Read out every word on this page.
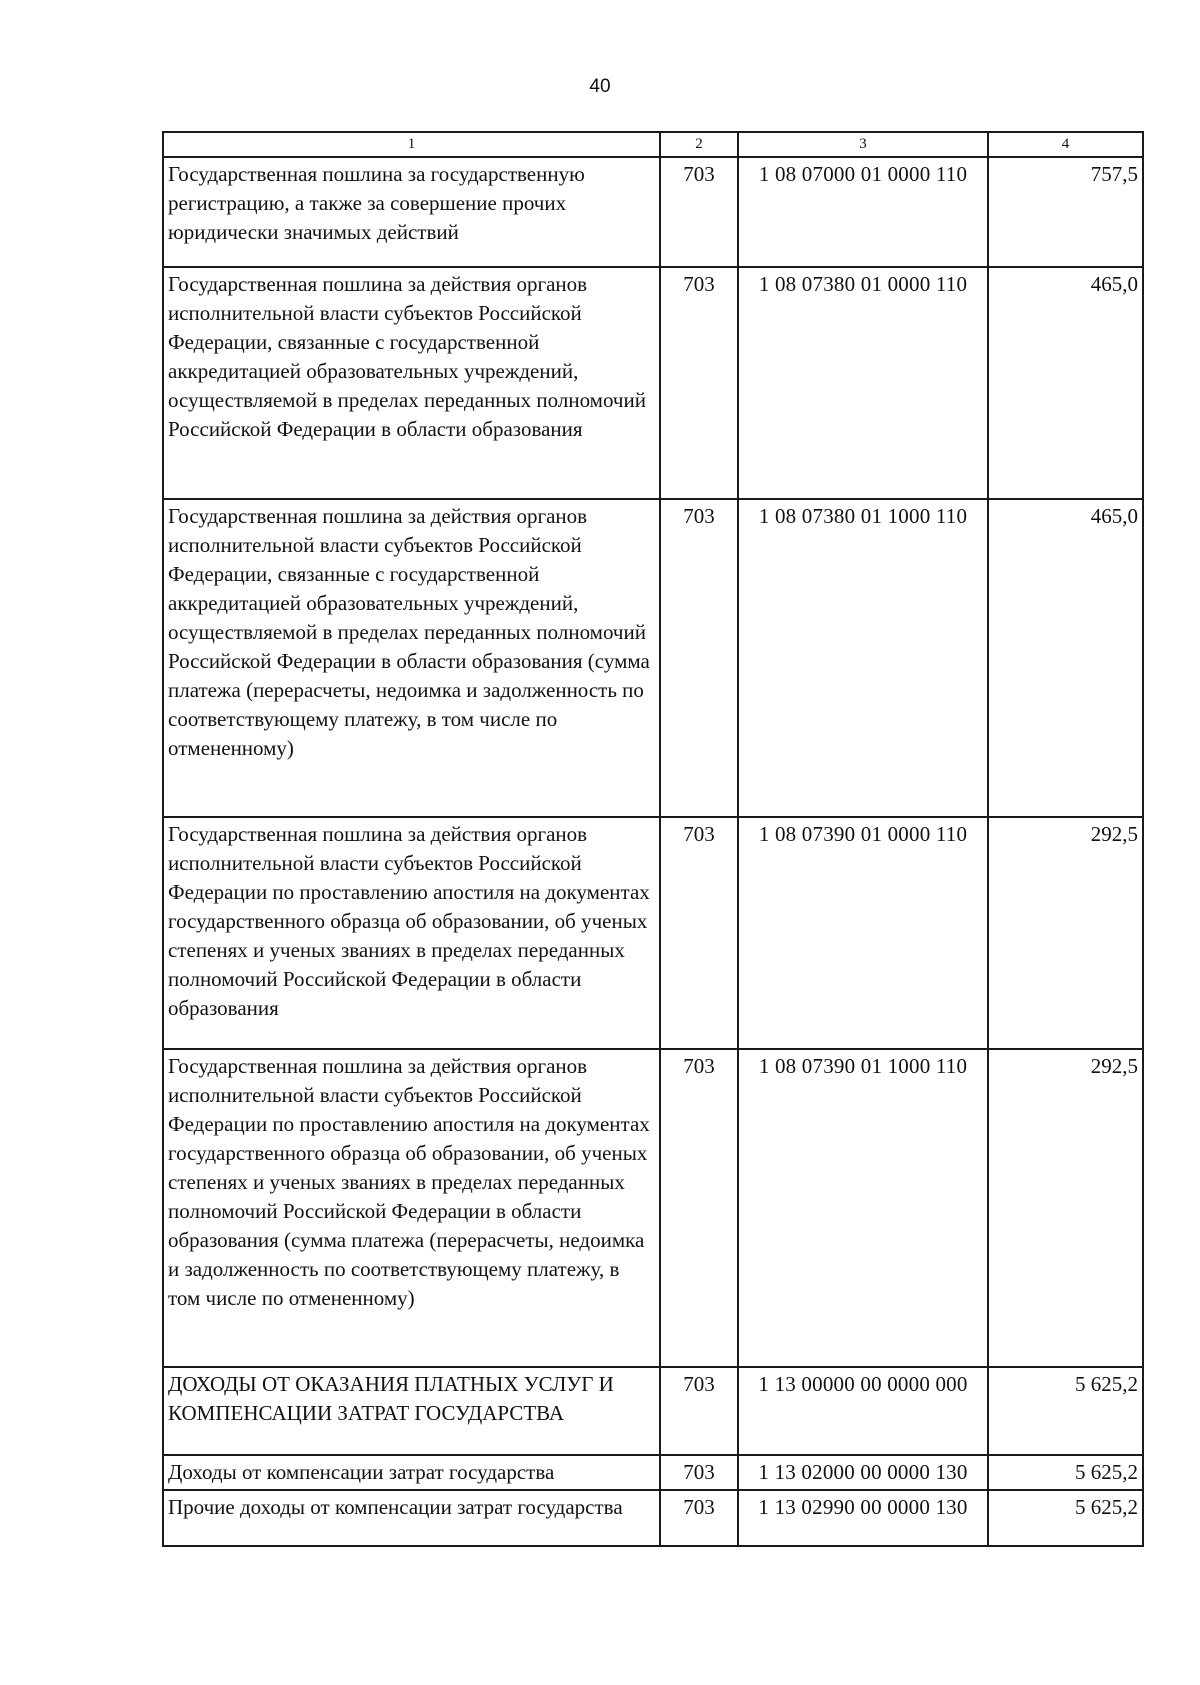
40
1	2	3	4
Государственная пошлина за государственную регистрацию, а также за совершение прочих юридически значимых действий	703	1 08 07000 01 0000 110	757,5
Государственная пошлина за действия органов исполнительной власти субъектов Российской Федерации, связанные с государственной аккредитацией образовательных учреждений, осуществляемой в пределах переданных полномочий Российской Федерации в области образования	703	1 08 07380 01 0000 110	465,0
Государственная пошлина за действия органов исполнительной власти субъектов Российской Федерации, связанные с государственной аккредитацией образовательных учреждений, осуществляемой в пределах переданных полномочий Российской Федерации в области образования (сумма платежа (перерасчеты, недоимка и задолженность по соответствующему платежу, в том числе по отмененному)	703	1 08 07380 01 1000 110	465,0
Государственная пошлина за действия органов исполнительной власти субъектов Российской Федерации по проставлению апостиля на документах государственного образца об образовании, об ученых степенях и ученых званиях в пределах переданных полномочий Российской Федерации в области образования	703	1 08 07390 01 0000 110	292,5
Государственная пошлина за действия органов исполнительной власти субъектов Российской Федерации по проставлению апостиля на документах государственного образца об образовании, об ученых степенях и ученых званиях в пределах переданных полномочий Российской Федерации в области образования (сумма платежа (перерасчеты, недоимка и задолженность по соответствующему платежу, в том числе по отмененному)	703	1 08 07390 01 1000 110	292,5
ДОХОДЫ ОТ ОКАЗАНИЯ ПЛАТНЫХ УСЛУГ И КОМПЕНСАЦИИ ЗАТРАТ ГОСУДАРСТВА	703	1 13 00000 00 0000 000	5 625,2
Доходы от компенсации затрат государства	703	1 13 02000 00 0000 130	5 625,2
Прочие доходы от компенсации затрат государства	703	1 13 02990 00 0000 130	5 625,2
